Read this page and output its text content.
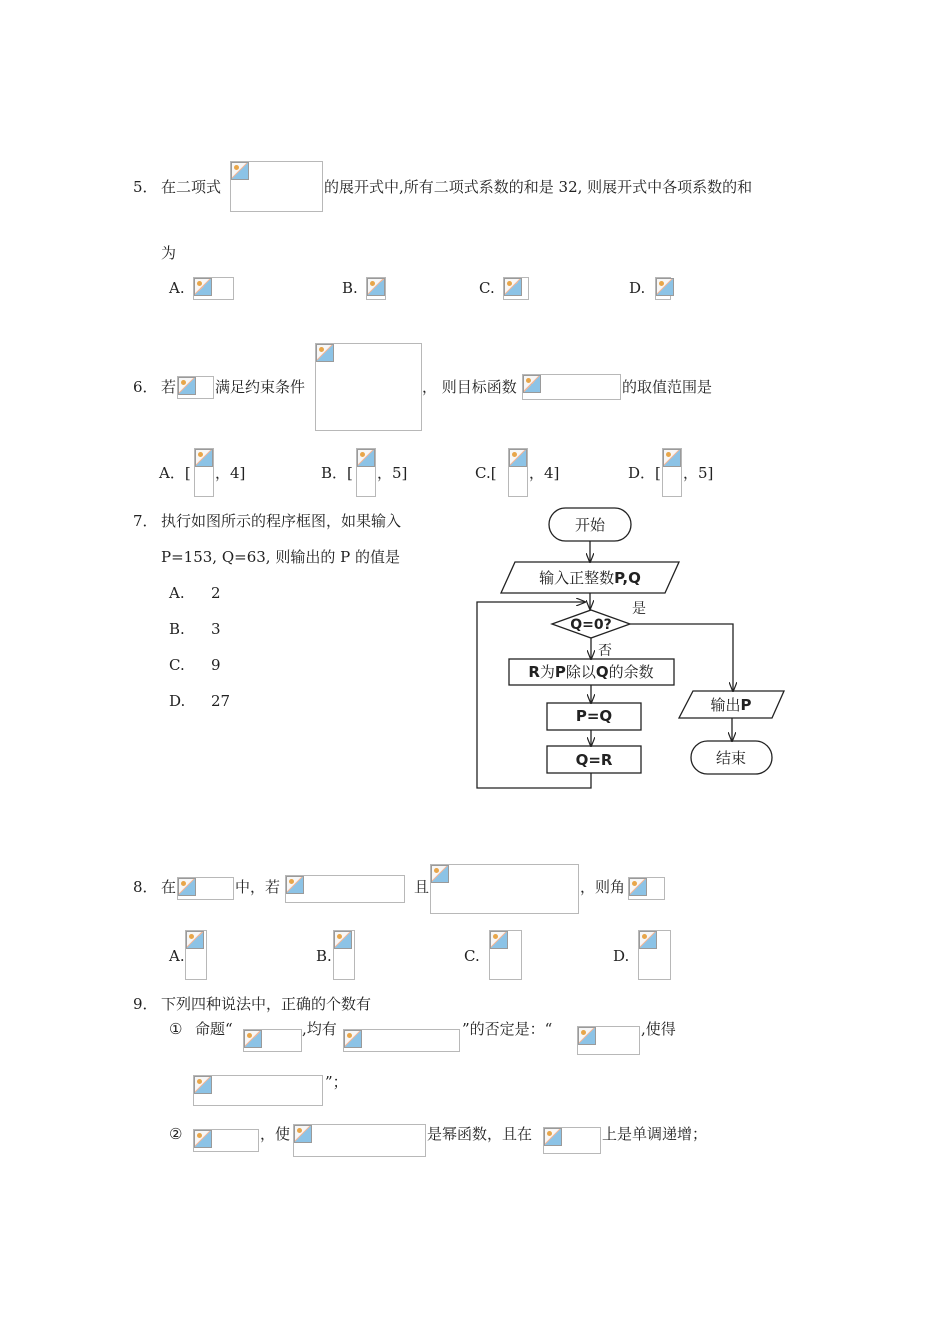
5． 在二项式	的展开式中,所有二项式系数的和是 32, 则展开式中各项系数的和
为
A.	B.	C.	D.
6． 若	满足约束条件	， 则目标函数	的取值范围是
A．[ ，4]	B．[ ，5]	C.[ ，4]	D．[ ，5]
7． 执行如图所示的程序框图，如果输入
P=153, Q=63, 则输出的 P 的值是
A. 2
B. 3
C. 9
D. 27
开始
输入正整数P,Q
Q=0?
是
否
R为P除以Q的余数
P=Q
Q=R
输出P
结束
8． 在	中，若	且	，则角
A.	B.	C.	D.
9． 下列四种说法中，正确的个数有
① 命题“	,均有	”的否定是：“	,使得
”；
②	，使	是幂函数，且在	上是单调递增；
